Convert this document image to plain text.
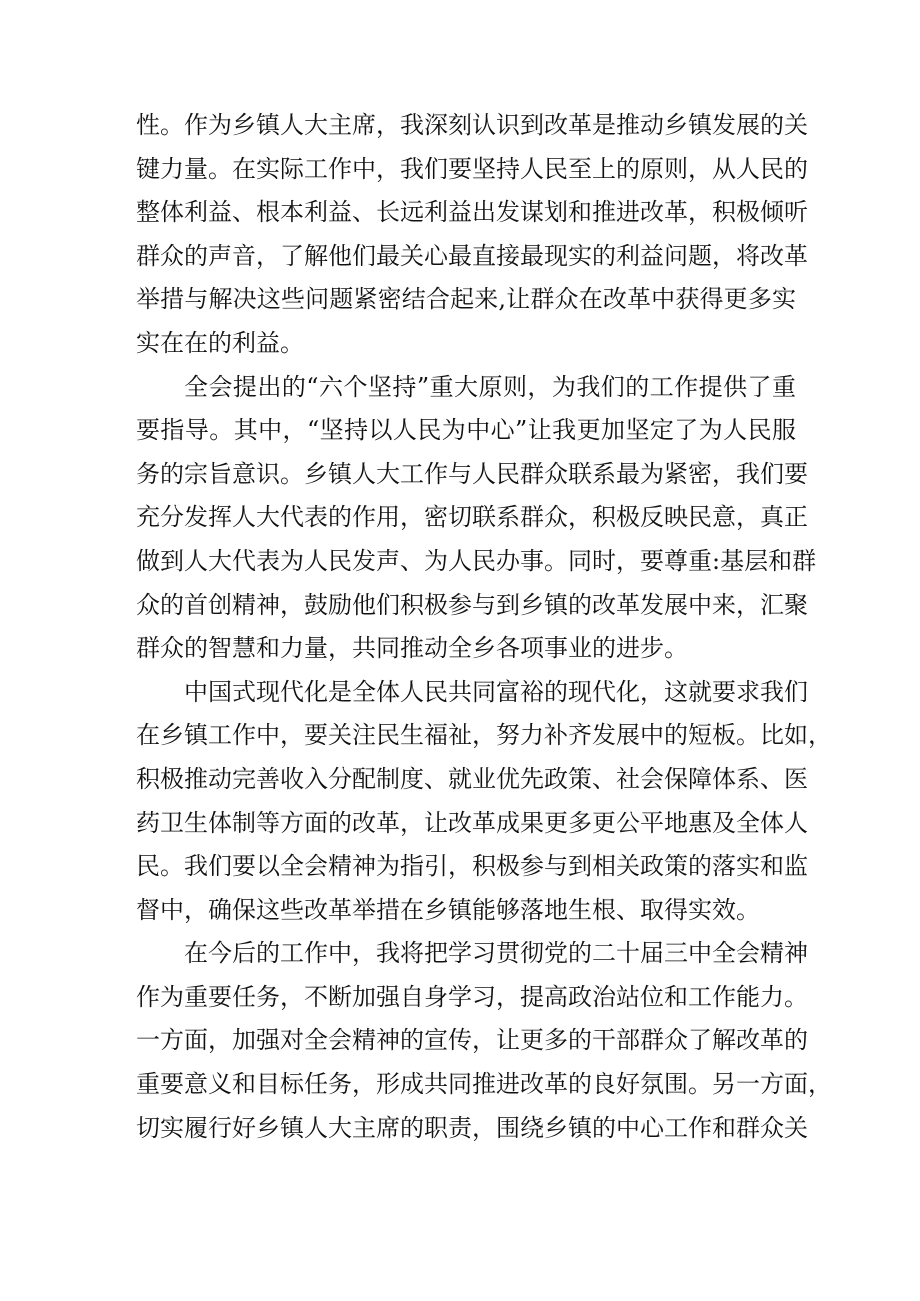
性。作为乡镇人大主席，我深刻认识到改革是推动乡镇发展的关
键力量。在实际工作中，我们要坚持人民至上的原则，从人民的
整体利益、根本利益、长远利益出发谋划和推进改革，积极倾听
群众的声音，了解他们最关心最直接最现实的利益问题，将改革
举措与解决这些问题紧密结合起来,让群众在改革中获得更多实
实在在的利益。
全会提出的“六个坚持”重大原则，为我们的工作提供了重
要指导。其中，“坚持以人民为中心”让我更加坚定了为人民服
务的宗旨意识。乡镇人大工作与人民群众联系最为紧密，我们要
充分发挥人大代表的作用，密切联系群众，积极反映民意，真正
做到人大代表为人民发声、为人民办事。同时，要尊重:基层和群
众的首创精神，鼓励他们积极参与到乡镇的改革发展中来，汇聚
群众的智慧和力量，共同推动全乡各项事业的进步。
中国式现代化是全体人民共同富裕的现代化，这就要求我们
在乡镇工作中，要关注民生福祉，努力补齐发展中的短板。比如，
积极推动完善收入分配制度、就业优先政策、社会保障体系、医
药卫生体制等方面的改革，让改革成果更多更公平地惠及全体人
民。我们要以全会精神为指引，积极参与到相关政策的落实和监
督中，确保这些改革举措在乡镇能够落地生根、取得实效。
在今后的工作中，我将把学习贯彻党的二十届三中全会精神
作为重要任务，不断加强自身学习，提高政治站位和工作能力。
一方面，加强对全会精神的宣传，让更多的干部群众了解改革的
重要意义和目标任务，形成共同推进改革的良好氛围。另一方面，
切实履行好乡镇人大主席的职责，围绕乡镇的中心工作和群众关
